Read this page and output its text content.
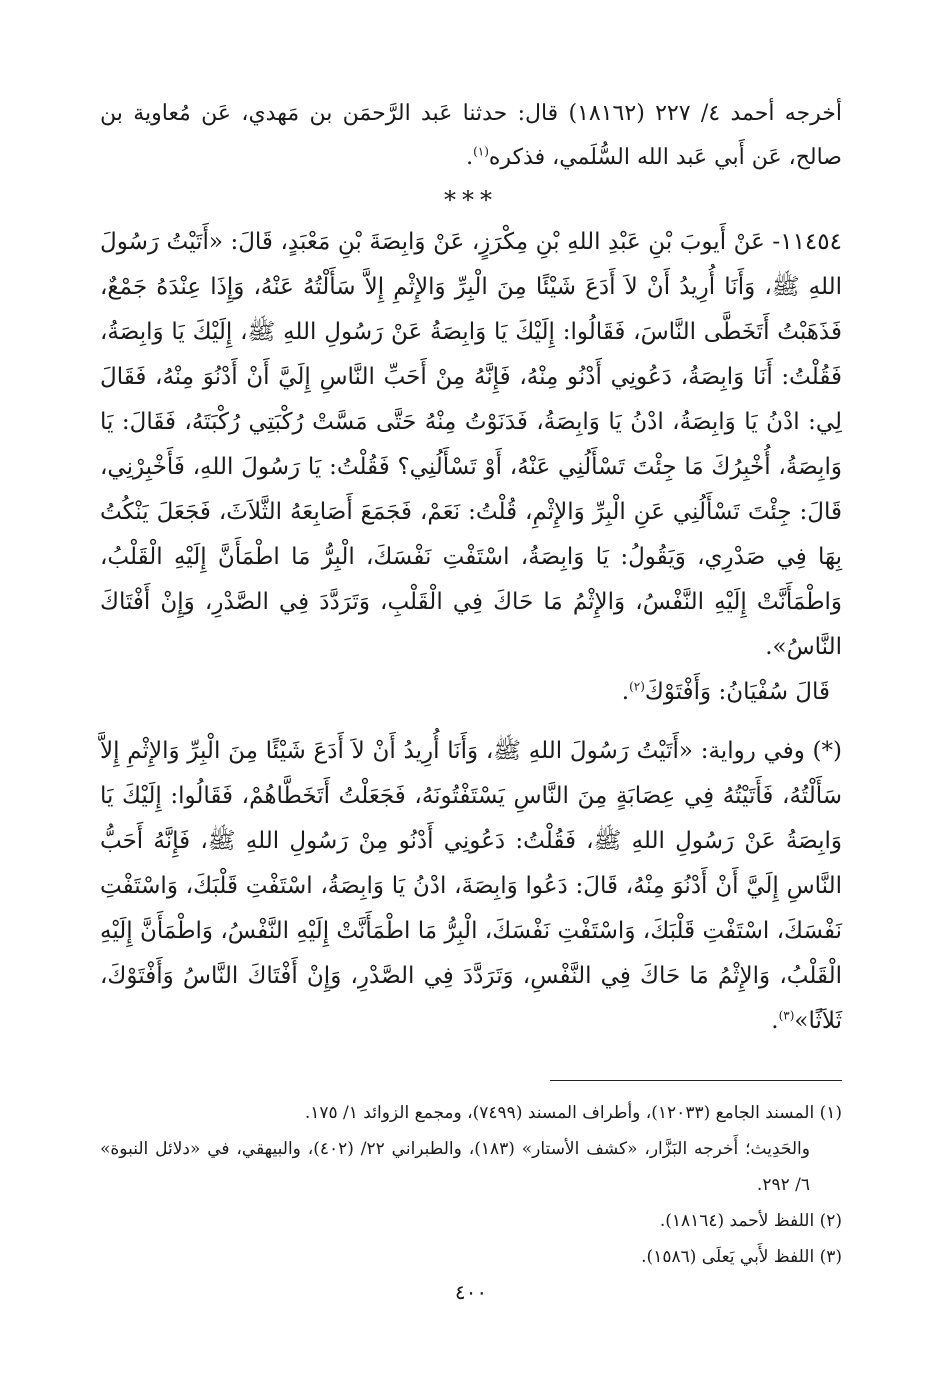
أخرجه أحمد ٤/ ٢٢٧ (١٨١٦٢) قال: حدثنا عَبد الرَّحمَن بن مَهدي، عَن مُعاوية بن صالح، عَن أَبي عَبد الله السُّلَمي، فذكره$^{(١)}$.

***

١١٤٥٤- عَنْ أَيوبَ بْنِ عَبْدِ اللهِ بْنِ مِكْرَزٍ، عَنْ وَابِصَةَ بْنِ مَعْبَدٍ، قَالَ: «أَتَيْتُ رَسُولَ اللهِ ﷺ، وَأَنَا أُرِيدُ أَنْ لاَ أَدَعَ شَيْئًا مِنَ الْبِرِّ وَالإِثْمِ إِلاَّ سَأَلْتُهُ عَنْهُ، وَإِذَا عِنْدَهُ جَمْعٌ، فَذَهَبْتُ أَتَخَطَّى النَّاسَ، فَقَالُوا: إِلَيْكَ يَا وَابِصَةُ عَنْ رَسُولِ اللهِ ﷺ، إِلَيْكَ يَا وَابِصَةُ، فَقُلْتُ: أَنَا وَابِصَةُ، دَعُونِي أَدْنُو مِنْهُ، فَإِنَّهُ مِنْ أَحَبِّ النَّاسِ إِلَيَّ أَنْ أَدْنُوَ مِنْهُ، فَقَالَ لِي: ادْنُ يَا وَابِصَةُ، ادْنُ يَا وَابِصَةُ، فَدَنَوْتُ مِنْهُ حَتَّى مَسَّتْ رُكْبَتِي رُكْبَتَهُ، فَقَالَ: يَا وَابِصَةُ، أُخْبِرُكَ مَا جِئْتَ تَسْأَلُنِي عَنْهُ، أَوْ تَسْأَلُنِي؟ فَقُلْتُ: يَا رَسُولَ اللهِ، فَأَخْبِرْنِي، قَالَ: جِئْتَ تَسْأَلُنِي عَنِ الْبِرِّ وَالإِثْمِ، قُلْتُ: نَعَمْ، فَجَمَعَ أَصَابِعَهُ الثَّلاَثَ، فَجَعَلَ يَنْكُتُ بِهَا فِي صَدْرِي، وَيَقُولُ: يَا وَابِصَةُ، اسْتَفْتِ نَفْسَكَ، الْبِرُّ مَا اطْمَأَنَّ إِلَيْهِ الْقَلْبُ، وَاطْمَأَنَّتْ إِلَيْهِ النَّفْسُ، وَالإِثْمُ مَا حَاكَ فِي الْقَلْبِ، وَتَرَدَّدَ فِي الصَّدْرِ، وَإِنْ أَفْتَاكَ النَّاسُ».

قَالَ سُفْيَانُ: وَأَفْتَوْكَ$^{(٢)}$.

(*) وفي رواية: «أَتَيْتُ رَسُولَ اللهِ ﷺ، وَأَنَا أُرِيدُ أَنْ لاَ أَدَعَ شَيْئًا مِنَ الْبِرِّ وَالإِثْمِ إِلاَّ سَأَلْتُهُ، فَأَتَيْتُهُ فِي عِصَابَةٍ مِنَ النَّاسِ يَسْتَفْتُونَهُ، فَجَعَلْتُ أَتَخَطَّاهُمْ، فَقَالُوا: إِلَيْكَ يَا وَابِصَةُ عَنْ رَسُولِ اللهِ ﷺ، فَقُلْتُ: دَعُونِي أَدْنُو مِنْ رَسُولِ اللهِ ﷺ، فَإِنَّهُ أَحَبُّ النَّاسِ إِلَيَّ أَنْ أَدْنُوَ مِنْهُ، قَالَ: دَعُوا وَابِصَةَ، ادْنُ يَا وَابِصَةُ، اسْتَفْتِ قَلْبَكَ، وَاسْتَفْتِ نَفْسَكَ، اسْتَفْتِ قَلْبَكَ، وَاسْتَفْتِ نَفْسَكَ، الْبِرُّ مَا اطْمَأَنَّتْ إِلَيْهِ النَّفْسُ، وَاطْمَأَنَّ إِلَيْهِ الْقَلْبُ، وَالإِثْمُ مَا حَاكَ فِي النَّفْسِ، وَتَرَدَّدَ فِي الصَّدْرِ، وَإِنْ أَفْتَاكَ النَّاسُ وَأَفْتَوْكَ، ثَلاَثًا»$^{(٣)}$.

(١) المسند الجامع (١٢٠٣٣)، وأطراف المسند (٧٤٩٩)، ومجمع الزوائد ١/ ١٧٥.

والحَدِيث؛ أَخرجه البَزَّار، «كشف الأستار» (١٨٣)، والطبراني ٢٢/ (٤٠٢)، والبيهقي، في «دلائل النبوة» ٦/ ٢٩٢.

(٢) اللفظ لأحمد (١٨١٦٤).

(٣) اللفظ لأَبي يَعلَى (١٥٨٦).

٤٠٠
